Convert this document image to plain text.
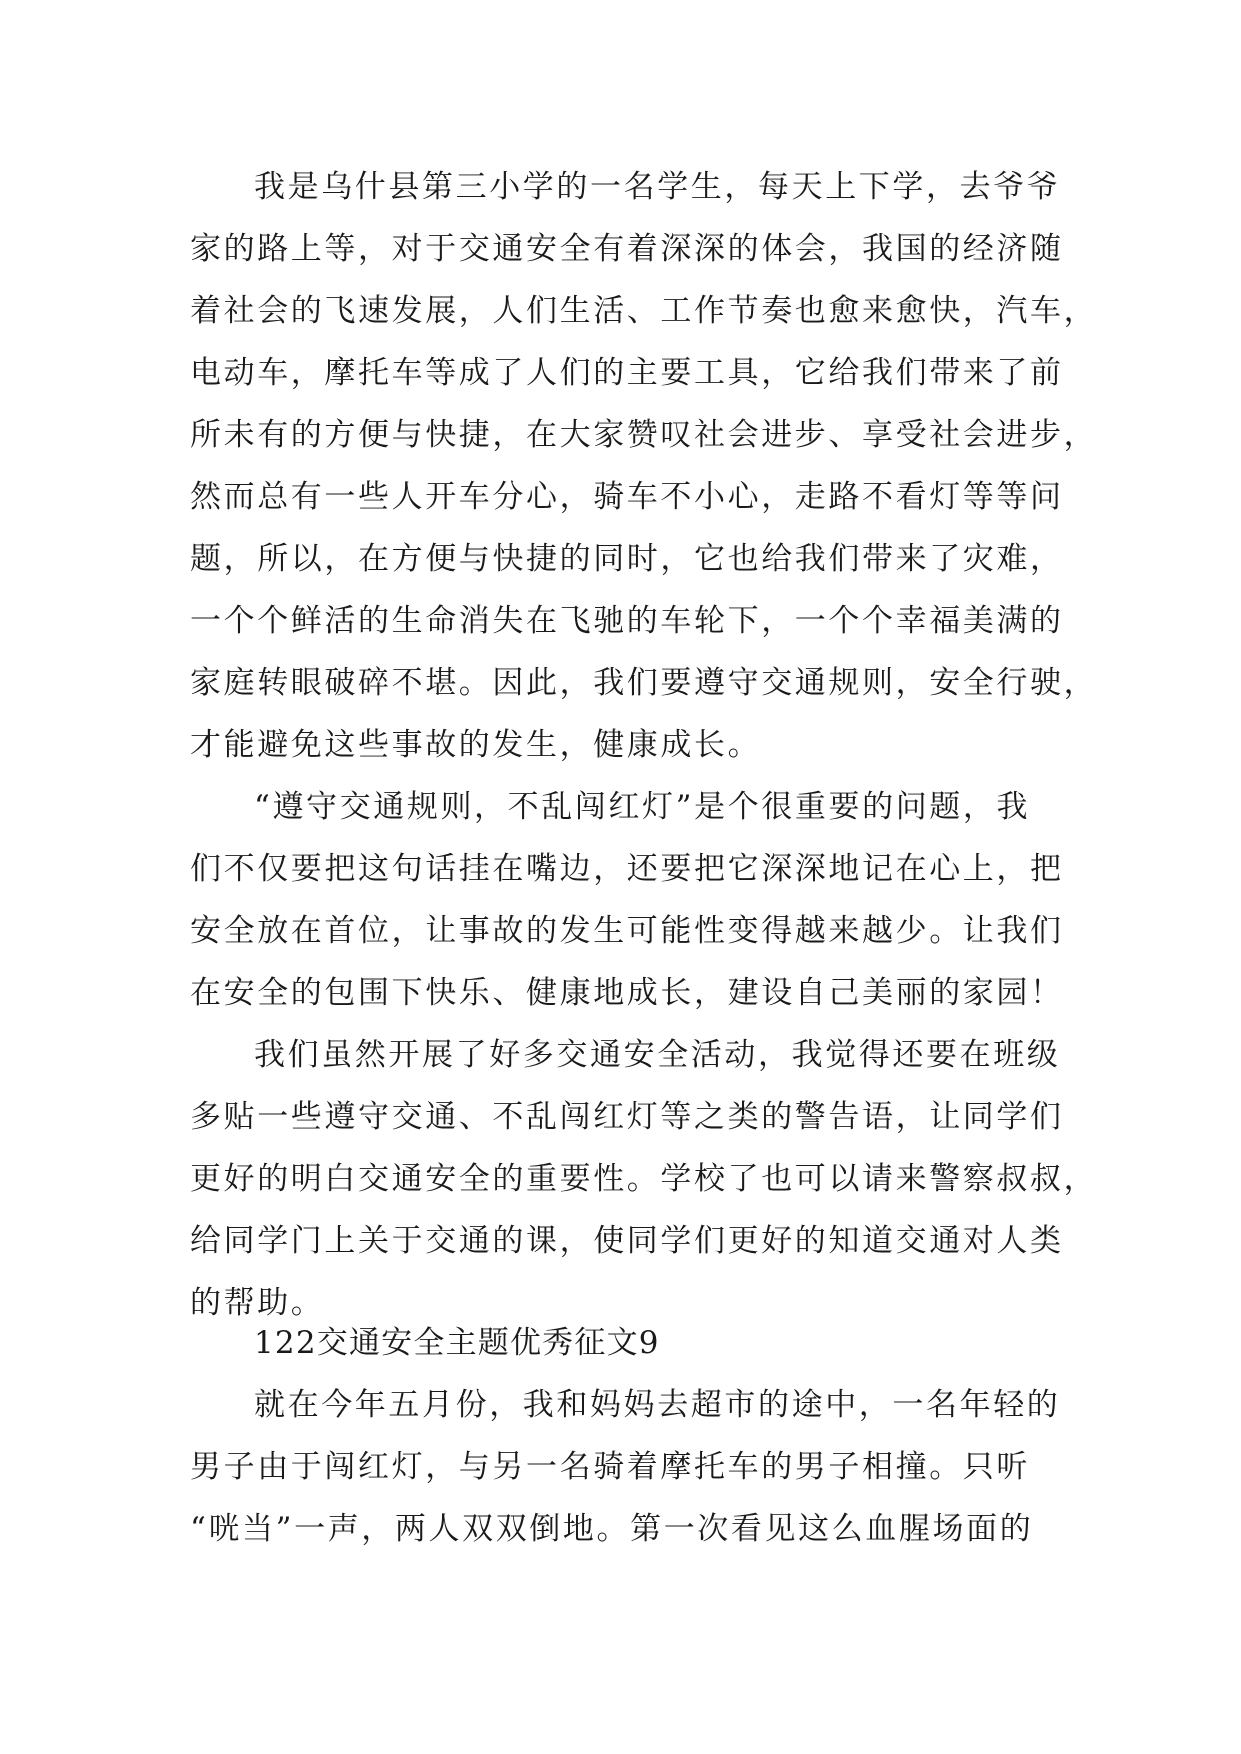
我是乌什县第三小学的一名学生，每天上下学，去爷爷
家的路上等，对于交通安全有着深深的体会，我国的经济随
着社会的飞速发展，人们生活、工作节奏也愈来愈快，汽车，
电动车，摩托车等成了人们的主要工具，它给我们带来了前
所未有的方便与快捷，在大家赞叹社会进步、享受社会进步，
然而总有一些人开车分心，骑车不小心，走路不看灯等等问
题，所以，在方便与快捷的同时，它也给我们带来了灾难，
一个个鲜活的生命消失在飞驰的车轮下，一个个幸福美满的
家庭转眼破碎不堪。因此，我们要遵守交通规则，安全行驶，
才能避免这些事故的发生，健康成长。
“遵守交通规则，不乱闯红灯”是个很重要的问题，我
们不仅要把这句话挂在嘴边，还要把它深深地记在心上，把
安全放在首位，让事故的发生可能性变得越来越少。让我们
在安全的包围下快乐、健康地成长，建设自己美丽的家园！
我们虽然开展了好多交通安全活动，我觉得还要在班级
多贴一些遵守交通、不乱闯红灯等之类的警告语，让同学们
更好的明白交通安全的重要性。学校了也可以请来警察叔叔，
给同学门上关于交通的课，使同学们更好的知道交通对人类
的帮助。
122交通安全主题优秀征文9
就在今年五月份，我和妈妈去超市的途中，一名年轻的
男子由于闯红灯，与另一名骑着摩托车的男子相撞。只听
“咣当”一声，两人双双倒地。第一次看见这么血腥场面的
